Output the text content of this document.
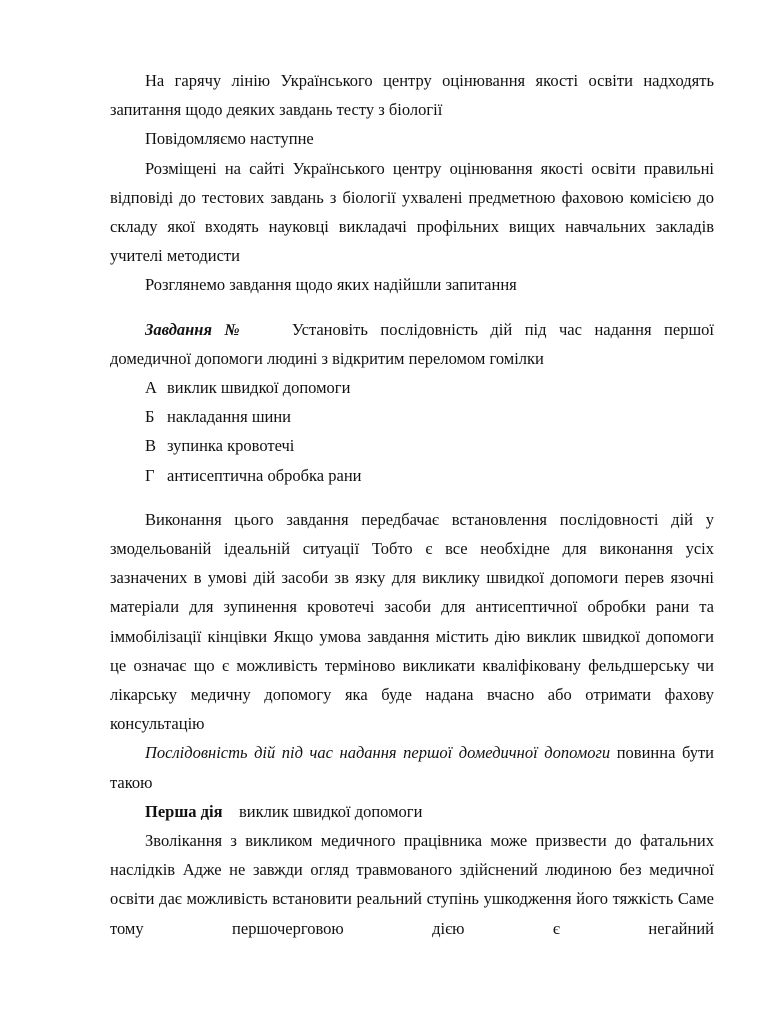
На гарячу лінію Українського центру оцінювання якості освіти надходять запитання щодо деяких завдань тесту з біології

Повідомляємо наступне

Розміщені на сайті Українського центру оцінювання якості освіти правильні відповіді до тестових завдань з біології ухвалені предметною фаховою комісією до складу якої входять науковці викладачі профільних вищих навчальних закладів учителі методисти

Розглянемо завдання щодо яких надійшли запитання

Завдання №	Установіть послідовність дій під час надання першої домедичної допомоги людині з відкритим переломом гомілки

А виклик швидкої допомоги

Б накладання шини

В зупинка кровотечі

Г антисептична обробка рани

Виконання цього завдання передбачає встановлення послідовності дій у змодельованій ідеальній ситуації Тобто є все необхідне для виконання усіх зазначених в умові дій засоби зв язку для виклику швидкої допомоги перев язочні матеріали для зупинення кровотечі засоби для антисептичної обробки рани та іммобілізації кінцівки Якщо умова завдання містить дію виклик швидкої допомоги це означає що є можливість терміново викликати кваліфіковану фельдшерську чи лікарську медичну допомогу яка буде надана вчасно або отримати фахову консультацію

Послідовність дій під час надання першої домедичної допомоги повинна бути такою

Перша дія виклик швидкої допомоги

Зволікання з викликом медичного працівника може призвести до фатальних наслідків Адже не завжди огляд травмованого здійснений людиною без медичної освіти дає можливість встановити реальний ступінь ушкодження його тяжкість Саме тому першочерговою дією є негайний
